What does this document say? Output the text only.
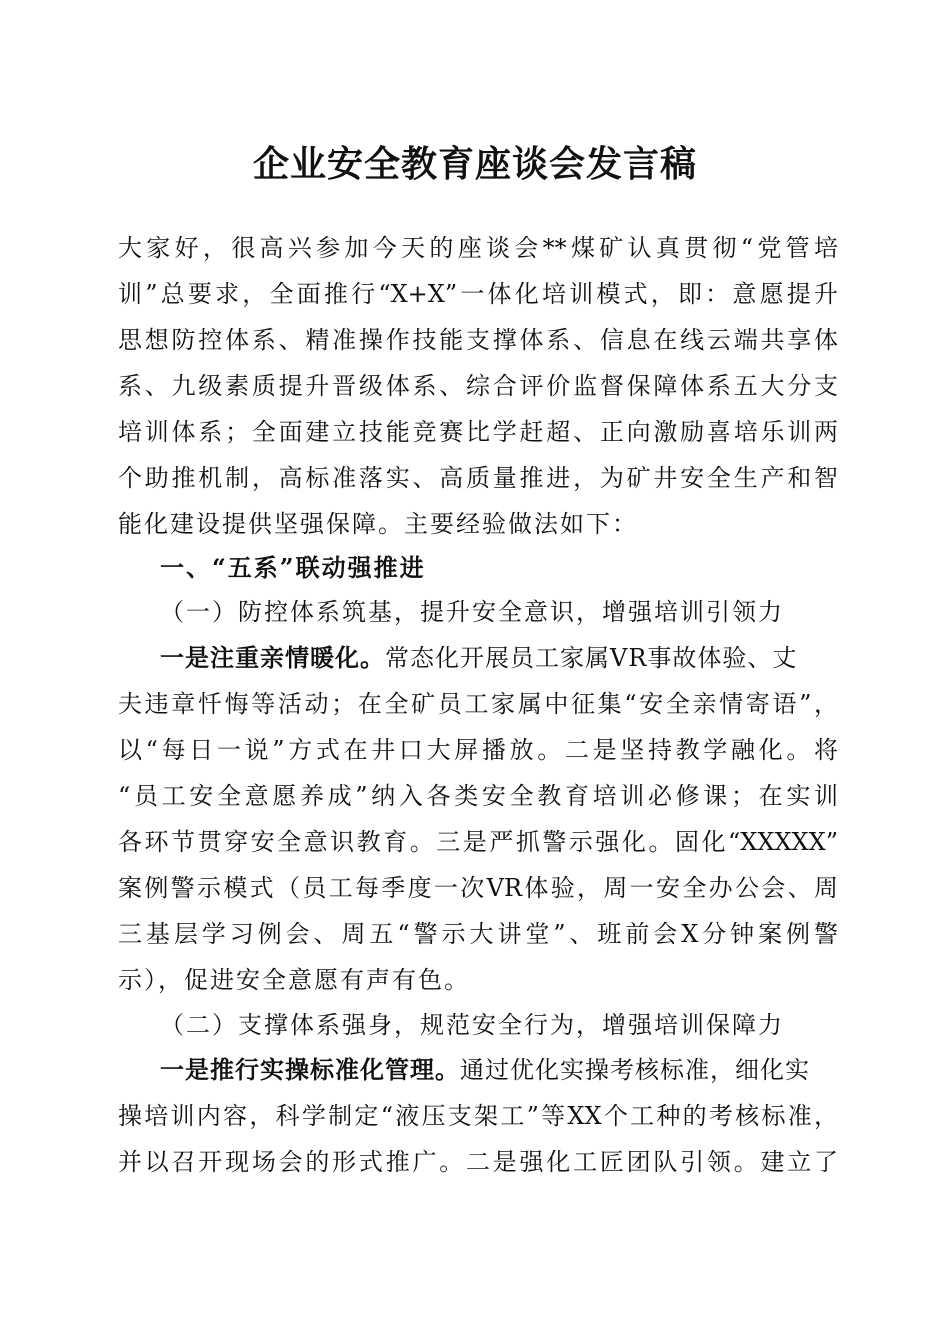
企业安全教育座谈会发言稿
大家好，很高兴参加今天的座谈会**煤矿认真贯彻“党管培
训”总要求，全面推行“X+X”一体化培训模式，即：意愿提升
思想防控体系、精准操作技能支撑体系、信息在线云端共享体
系、九级素质提升晋级体系、综合评价监督保障体系五大分支
培训体系；全面建立技能竞赛比学赶超、正向激励喜培乐训两
个助推机制，高标准落实、高质量推进，为矿井安全生产和智
能化建设提供坚强保障。主要经验做法如下：
一、“五系”联动强推进
（一）防控体系筑基，提升安全意识，增强培训引领力
一是注重亲情暖化。常态化开展员工家属VR事故体验、丈
夫违章忏悔等活动；在全矿员工家属中征集“安全亲情寄语”，
以“每日一说”方式在井口大屏播放。二是坚持教学融化。将
“员工安全意愿养成”纳入各类安全教育培训必修课；在实训
各环节贯穿安全意识教育。三是严抓警示强化。固化“XXXXX”
案例警示模式（员工每季度一次VR体验，周一安全办公会、周
三基层学习例会、周五“警示大讲堂”、班前会X分钟案例警
示），促进安全意愿有声有色。
（二）支撑体系强身，规范安全行为，增强培训保障力
一是推行实操标准化管理。通过优化实操考核标准，细化实
操培训内容，科学制定“液压支架工”等XX个工种的考核标准，
并以召开现场会的形式推广。二是强化工匠团队引领。建立了
